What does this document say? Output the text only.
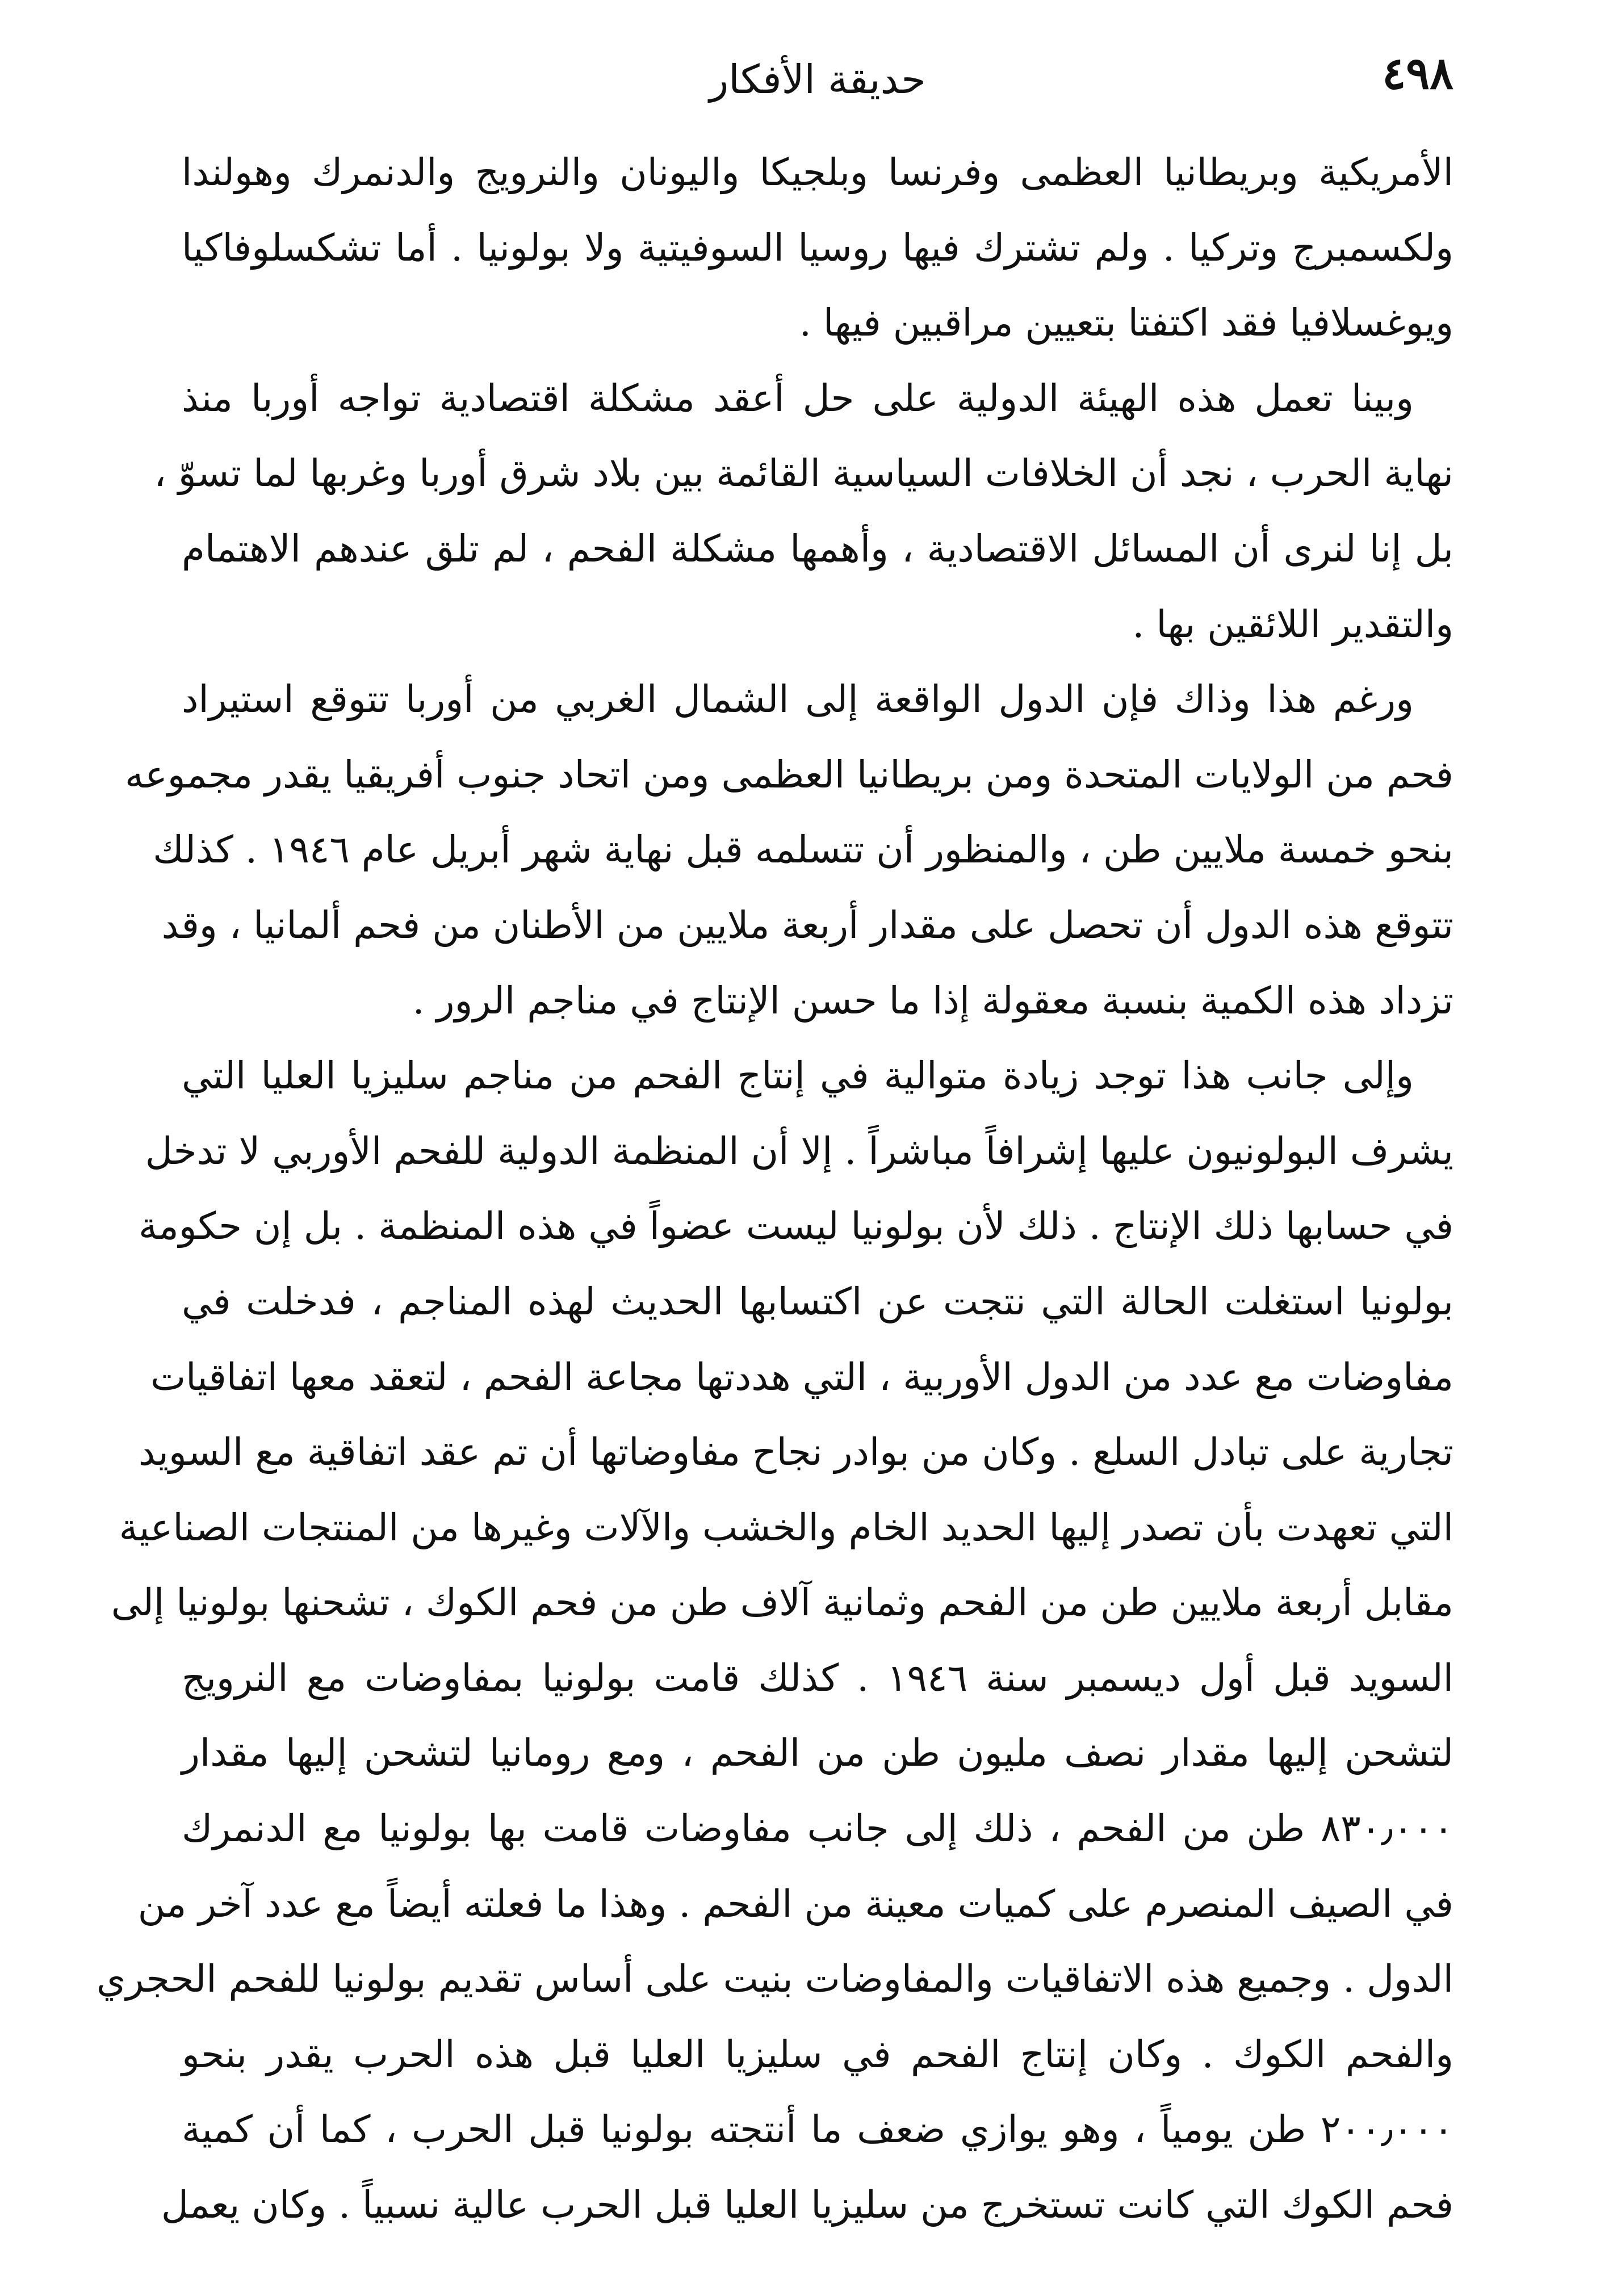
٤٩٨
حديقة الأفكار
الأمريكية وبريطانيا العظمى وفرنسا وبلجيكا واليونان والنرويج والدنمرك وهولندا
ولكسمبرج وتركيا . ولم تشترك فيها روسيا السوفيتية ولا بولونيا . أما تشكسلوفاكيا
ويوغسلافيا فقد اكتفتا بتعيين مراقبين فيها .
وبينا تعمل هذه الهيئة الدولية على حل أعقد مشكلة اقتصادية تواجه أوربا منذ
نهاية الحرب ، نجد أن الخلافات السياسية القائمة بين بلاد شرق أوربا وغربها لما تسوّ ،
بل إنا لنرى أن المسائل الاقتصادية ، وأهمها مشكلة الفحم ، لم تلق عندهم الاهتمام
والتقدير اللائقين بها .
ورغم هذا وذاك فإن الدول الواقعة إلى الشمال الغربي من أوربا تتوقع استيراد
فحم من الولايات المتحدة ومن بريطانيا العظمى ومن اتحاد جنوب أفريقيا يقدر مجموعه
بنحو خمسة ملايين طن ، والمنظور أن تتسلمه قبل نهاية شهر أبريل عام ١٩٤٦ . كذلك
تتوقع هذه الدول أن تحصل على مقدار أربعة ملايين من الأطنان من فحم ألمانيا ، وقد
تزداد هذه الكمية بنسبة معقولة إذا ما حسن الإنتاج في مناجم الرور .
وإلى جانب هذا توجد زيادة متوالية في إنتاج الفحم من مناجم سليزيا العليا التي
يشرف البولونيون عليها إشرافاً مباشراً . إلا أن المنظمة الدولية للفحم الأوربي لا تدخل
في حسابها ذلك الإنتاج . ذلك لأن بولونيا ليست عضواً في هذه المنظمة . بل إن حكومة
بولونيا استغلت الحالة التي نتجت عن اكتسابها الحديث لهذه المناجم ، فدخلت في
مفاوضات مع عدد من الدول الأوربية ، التي هددتها مجاعة الفحم ، لتعقد معها اتفاقيات
تجارية على تبادل السلع . وكان من بوادر نجاح مفاوضاتها أن تم عقد اتفاقية مع السويد
التي تعهدت بأن تصدر إليها الحديد الخام والخشب والآلات وغيرها من المنتجات الصناعية
مقابل أربعة ملايين طن من الفحم وثمانية آلاف طن من فحم الكوك ، تشحنها بولونيا إلى
السويد قبل أول ديسمبر سنة ١٩٤٦ . كذلك قامت بولونيا بمفاوضات مع النرويج
لتشحن إليها مقدار نصف مليون طن من الفحم ، ومع رومانيا لتشحن إليها مقدار
٨٣٠٫٠٠٠ طن من الفحم ، ذلك إلى جانب مفاوضات قامت بها بولونيا مع الدنمرك
في الصيف المنصرم على كميات معينة من الفحم . وهذا ما فعلته أيضاً مع عدد آخر من
الدول . وجميع هذه الاتفاقيات والمفاوضات بنيت على أساس تقديم بولونيا للفحم الحجري
والفحم الكوك . وكان إنتاج الفحم في سليزيا العليا قبل هذه الحرب يقدر بنحو
٢٠٠٫٠٠٠ طن يومياً ، وهو يوازي ضعف ما أنتجته بولونيا قبل الحرب ، كما أن كمية
فحم الكوك التي كانت تستخرج من سليزيا العليا قبل الحرب عالية نسبياً . وكان يعمل
